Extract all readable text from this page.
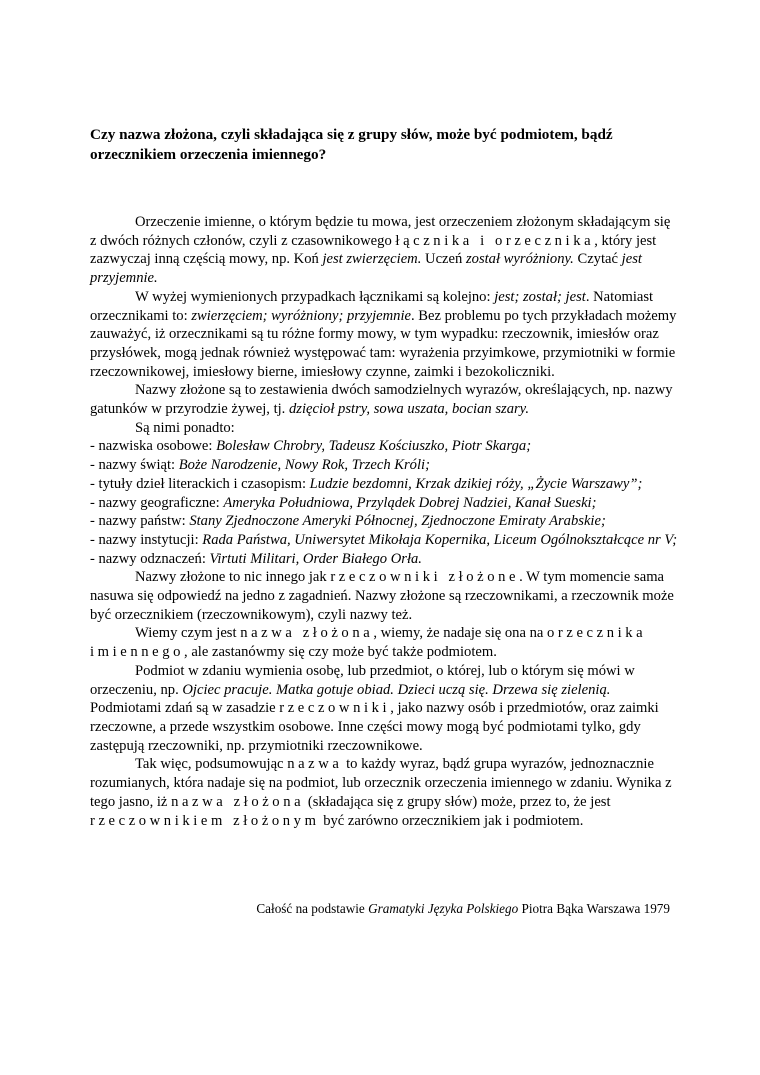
Czy nazwa złożona, czyli składająca się z grupy słów, może być podmiotem, bądź orzecznikiem orzeczenia imiennego?

Orzeczenie imienne, o którym będzie tu mowa, jest orzeczeniem złożonym składającym się z dwóch różnych członów, czyli z czasownikowego łącznika i orzecznika, który jest zazwyczaj inną częścią mowy, np. Koń jest zwierzęciem. Uczeń został wyróżniony. Czytać jest przyjemnie.

W wyżej wymienionych przypadkach łącznikami są kolejno: jest; został; jest. Natomiast orzecznikami to: zwierzęciem; wyróżniony; przyjemnie. Bez problemu po tych przykładach możemy zauważyć, iż orzecznikami są tu różne formy mowy, w tym wypadku: rzeczownik, imiesłów oraz przysłówek, mogą jednak również występować tam: wyrażenia przyimkowe, przymiotniki w formie rzeczownikowej, imiesłowy bierne, imiesłowy czynne, zaimki i bezokoliczniki.

Nazwy złożone są to zestawienia dwóch samodzielnych wyrazów, określających, np. nazwy gatunków w przyrodzie żywej, tj. dzięcioł pstry, sowa uszata, bocian szary.

Są nimi ponadto:

- nazwiska osobowe: Bolesław Chrobry, Tadeusz Kościuszko, Piotr Skarga;

- nazwy świąt: Boże Narodzenie, Nowy Rok, Trzech Króli;

- tytuły dzieł literackich i czasopism: Ludzie bezdomni, Krzak dzikiej róży, „Życie Warszawy”;

- nazwy geograficzne: Ameryka Południowa, Przylądek Dobrej Nadziei, Kanał Sueski;

- nazwy państw: Stany Zjednoczone Ameryki Północnej, Zjednoczone Emiraty Arabskie;

- nazwy instytucji: Rada Państwa, Uniwersytet Mikołaja Kopernika, Liceum Ogólnokształcące nr V;

- nazwy odznaczeń: Virtuti Militari, Order Białego Orła.

Nazwy złożone to nic innego jak rzeczowniki złożone. W tym momencie sama nasuwa się odpowiedź na jedno z zagadnień. Nazwy złożone są rzeczownikami, a rzeczownik może być orzecznikiem (rzeczownikowym), czyli nazwy też.

Wiemy czym jest nazwa złożona, wiemy, że nadaje się ona na orzecznika imiennego, ale zastanówmy się czy może być także podmiotem.

Podmiot w zdaniu wymienia osobę, lub przedmiot, o której, lub o którym się mówi w orzeczeniu, np. Ojciec pracuje. Matka gotuje obiad. Dzieci uczą się. Drzewa się zielenią. Podmiotami zdań są w zasadzie rzeczowniki, jako nazwy osób i przedmiotów, oraz zaimki rzeczowne, a przede wszystkim osobowe. Inne części mowy mogą być podmiotami tylko, gdy zastępują rzeczowniki, np. przymiotniki rzeczownikowe.

Tak więc, podsumowując nazwa to każdy wyraz, bądź grupa wyrazów, jednoznacznie rozumianych, która nadaje się na podmiot, lub orzecznik orzeczenia imiennego w zdaniu. Wynika z tego jasno, iż nazwa złożona (składająca się z grupy słów) może, przez to, że jest rzeczownikiem złożonym być zarówno orzecznikiem jak i podmiotem.

Całość na podstawie Gramatyki Języka Polskiego Piotra Bąka Warszawa 1979
